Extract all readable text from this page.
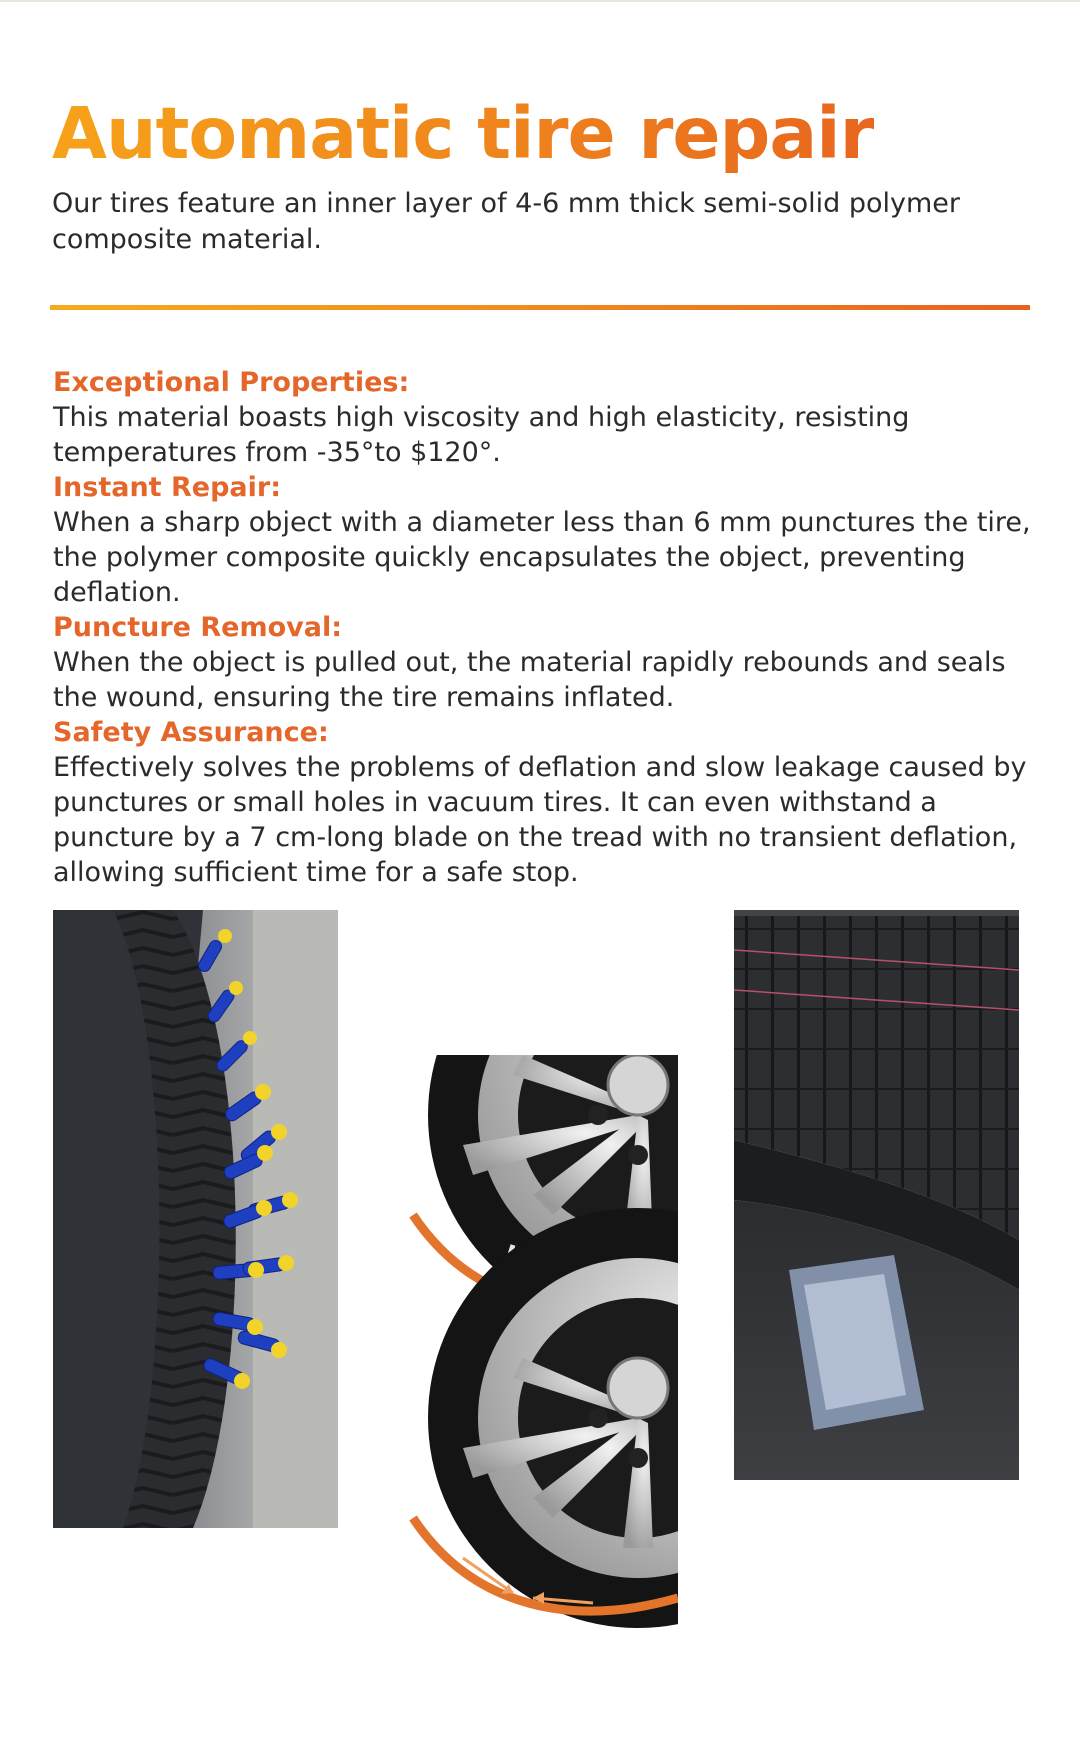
Automatic tire repair

Our tires feature an inner layer of 4-6 mm thick semi-solid polymer composite material.

Exceptional Properties:

This material boasts high viscosity and high elasticity, resisting temperatures from -35°to $120°.

Instant Repair:

When a sharp object with a diameter less than 6 mm punctures the tire, the polymer composite quickly encapsulates the object, preventing deflation.

Puncture Removal:

When the object is pulled out, the material rapidly rebounds and seals the wound, ensuring the tire remains inflated.

Safety Assurance:

Effectively solves the problems of deflation and slow leakage caused by punctures or small holes in vacuum tires. It can even withstand a puncture by a 7 cm-long blade on the tread with no transient deflation, allowing sufficient time for a safe stop.
